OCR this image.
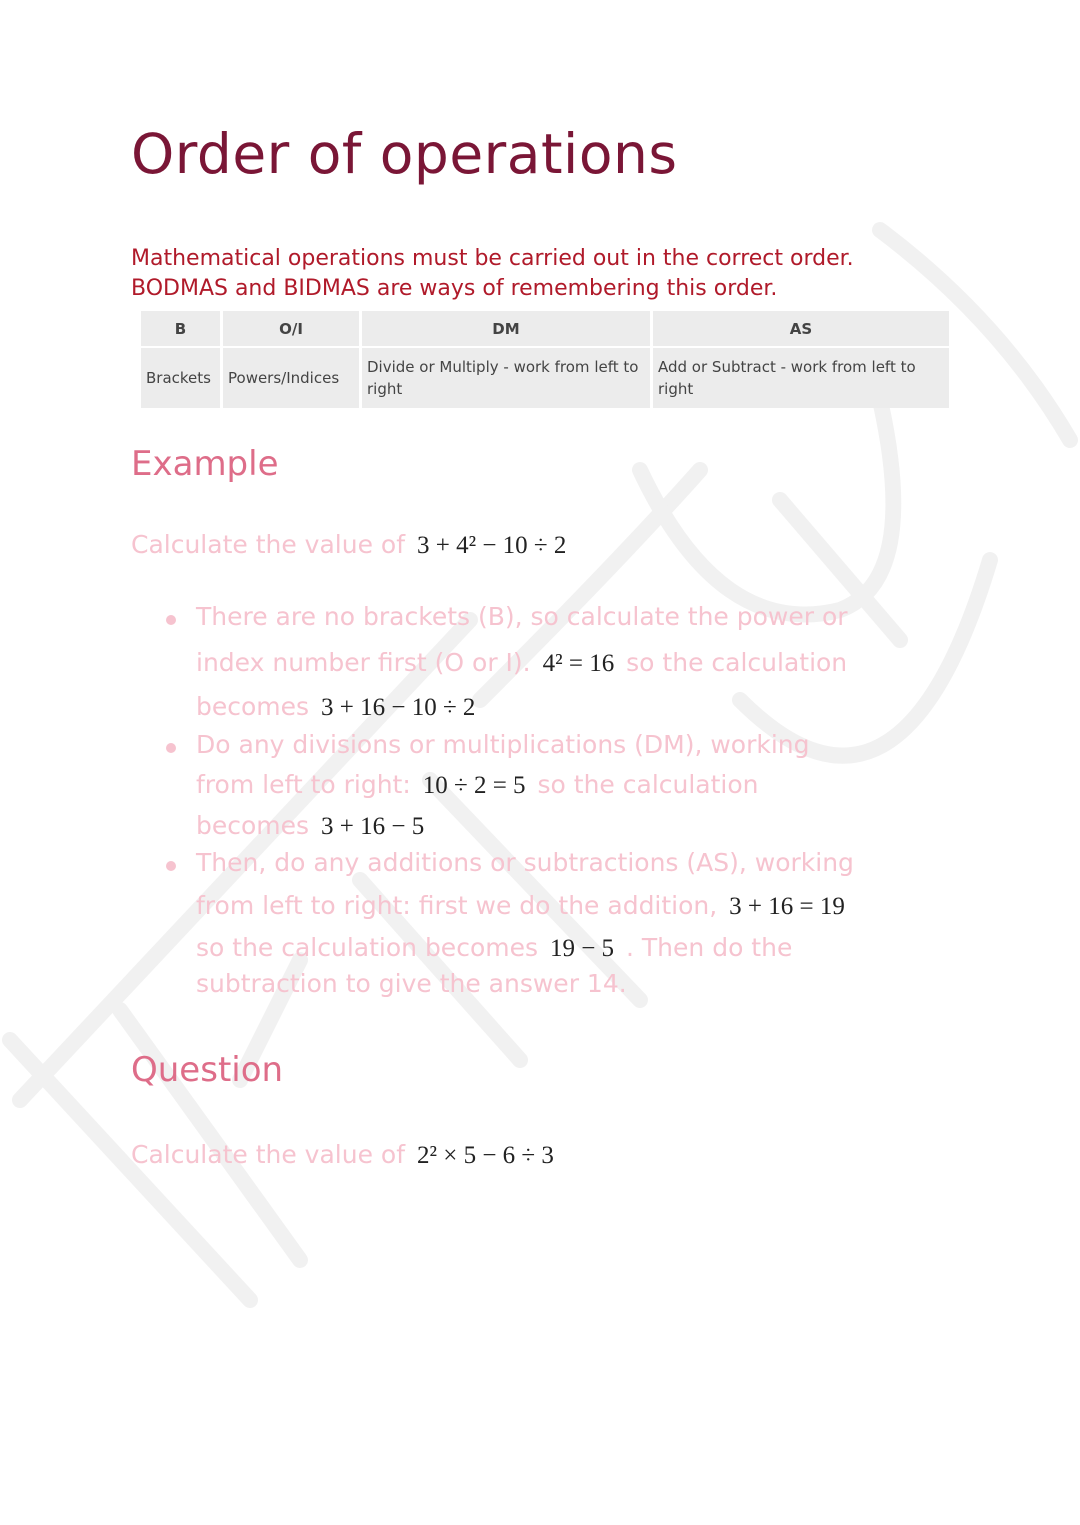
Order of operations

Mathematical operations must be carried out in the correct order.
BODMAS and BIDMAS are ways of remembering this order.

B	O/I	DM	AS
Brackets	Powers/Indices	Divide or Multiply - work from left to right	Add or Subtract - work from left to right
Example

Calculate the value of 3 + 4² − 10 ÷ 2

There are no brackets (B), so calculate the power or

index number first (O or I). 4² = 16 so the calculation

becomes 3 + 16 − 10 ÷ 2

Do any divisions or multiplications (DM), working

from left to right: 10 ÷ 2 = 5 so the calculation

becomes 3 + 16 − 5

Then, do any additions or subtractions (AS), working

from left to right: first we do the addition, 3 + 16 = 19

so the calculation becomes 19 − 5 . Then do the

subtraction to give the answer 14.

Question

Calculate the value of 2² × 5 − 6 ÷ 3
